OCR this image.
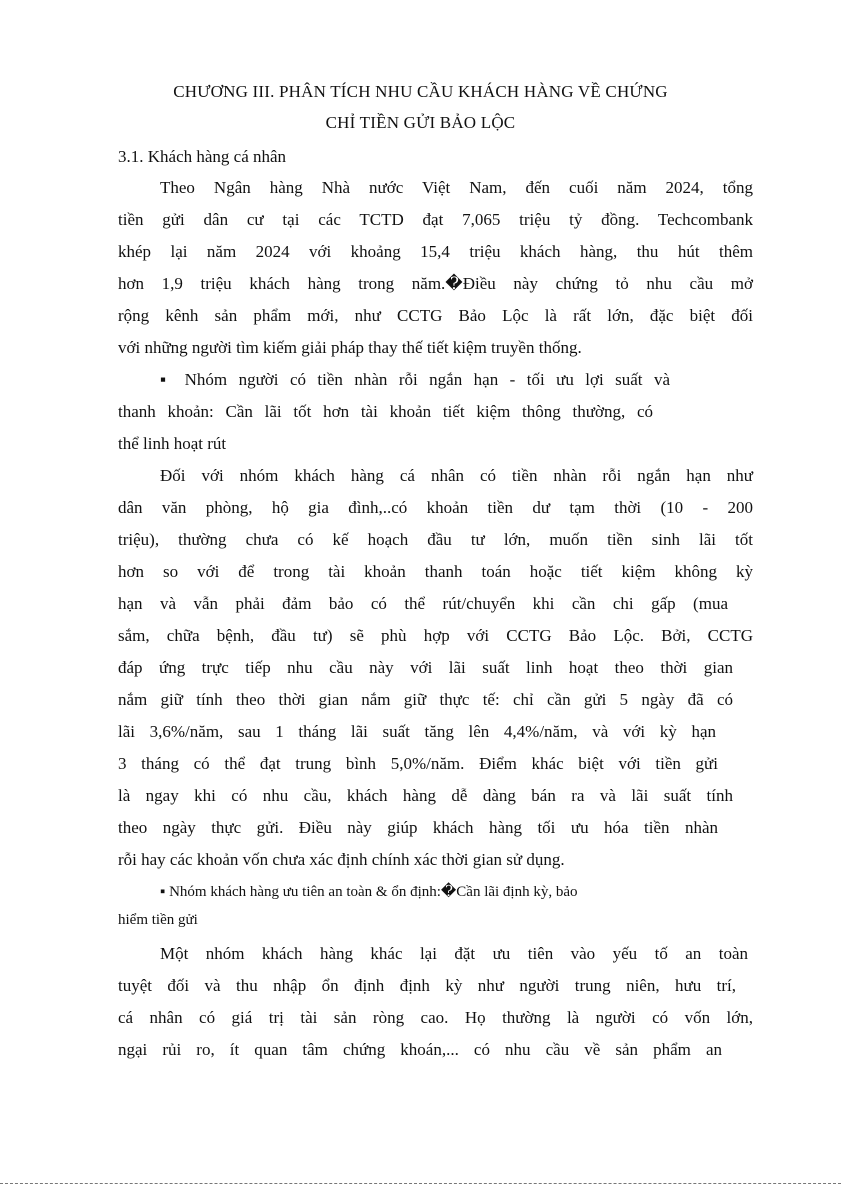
CHƯƠNG III. PHÂN TÍCH NHU CẦU KHÁCH HÀNG VỀ CHỨNG
CHỈ TIỀN GỬI BẢO LỘC
3.1. Khách hàng cá nhân
Theo Ngân hàng Nhà nước Việt Nam, đến cuối năm 2024, tổng
tiền gửi dân cư tại các TCTD đạt 7,065 triệu tỷ đồng. Techcombank
khép lại năm 2024 với khoảng 15,4 triệu khách hàng, thu hút thêm
hơn 1,9 triệu khách hàng trong năm.�Điều này chứng tỏ nhu cầu mở
rộng kênh sản phẩm mới, như CCTG Bảo Lộc là rất lớn, đặc biệt đối
với những người tìm kiếm giải pháp thay thế tiết kiệm truyền thống.
▪ Nhóm người có tiền nhàn rỗi ngắn hạn - tối ưu lợi suất và
thanh khoản: Cần lãi tốt hơn tài khoản tiết kiệm thông thường, có
thể linh hoạt rút
Đối với nhóm khách hàng cá nhân có tiền nhàn rỗi ngắn hạn như
dân văn phòng, hộ gia đình,..có khoản tiền dư tạm thời (10 - 200
triệu), thường chưa có kế hoạch đầu tư lớn, muốn tiền sinh lãi tốt
hơn so với để trong tài khoản thanh toán hoặc tiết kiệm không kỳ
hạn và vẫn phải đảm bảo có thể rút/chuyển khi cần chi gấp (mua
sắm, chữa bệnh, đầu tư) sẽ phù hợp với CCTG Bảo Lộc. Bởi, CCTG
đáp ứng trực tiếp nhu cầu này với lãi suất linh hoạt theo thời gian
nắm giữ tính theo thời gian nắm giữ thực tế: chỉ cần gửi 5 ngày đã có
lãi 3,6%/năm, sau 1 tháng lãi suất tăng lên 4,4%/năm, và với kỳ hạn
3 tháng có thể đạt trung bình 5,0%/năm. Điểm khác biệt với tiền gửi
là ngay khi có nhu cầu, khách hàng dễ dàng bán ra và lãi suất tính
theo ngày thực gửi. Điều này giúp khách hàng tối ưu hóa tiền nhàn
rỗi hay các khoản vốn chưa xác định chính xác thời gian sử dụng.
▪ Nhóm khách hàng ưu tiên an toàn & ổn định:�Cần lãi định kỳ, bảo
hiểm tiền gửi
Một nhóm khách hàng khác lại đặt ưu tiên vào yếu tố an toàn
tuyệt đối và thu nhập ổn định định kỳ như người trung niên, hưu trí,
cá nhân có giá trị tài sản ròng cao. Họ thường là người có vốn lớn,
ngại rủi ro, ít quan tâm chứng khoán,... có nhu cầu về sản phẩm an
